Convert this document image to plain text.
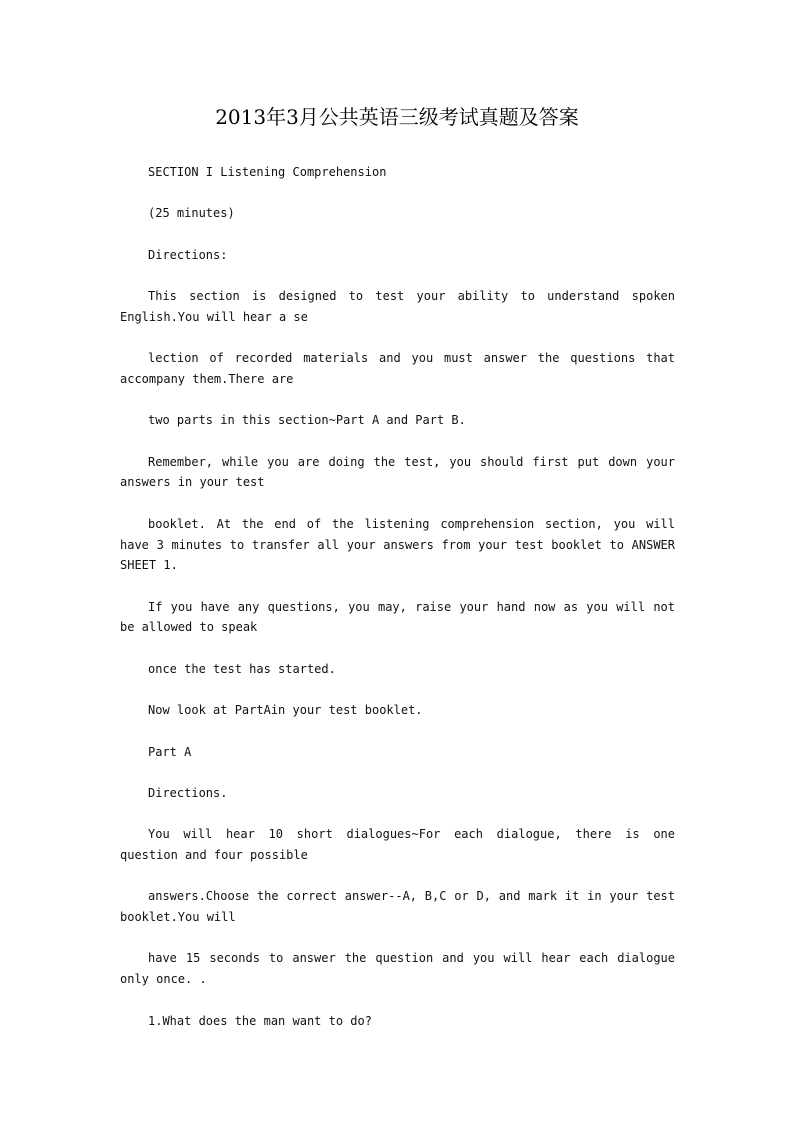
2013年3月公共英语三级考试真题及答案

SECTION I Listening Comprehension

(25 minutes)

Directions:

This section is designed to test your ability to understand spoken English.You will hear a se

lection of recorded materials and you must answer the questions that accompany them.There are

two parts in this section~Part A and Part B.

Remember, while you are doing the test, you should first put down your answers in your test

booklet. At the end of the listening comprehension section, you will have 3 minutes to transfer all your answers from your test booklet to ANSWER SHEET 1.

If you have any questions, you may, raise your hand now as you will not be allowed to speak

once the test has started.

Now look at PartAin your test booklet.

Part A

Directions.

You will hear 10 short dialogues~For each dialogue, there is one question and four possible

answers.Choose the correct answer--A, B,C or D, and mark it in your test booklet.You will

have 15 seconds to answer the question and you will hear each dialogue only once. .

1.What does the man want to do?
